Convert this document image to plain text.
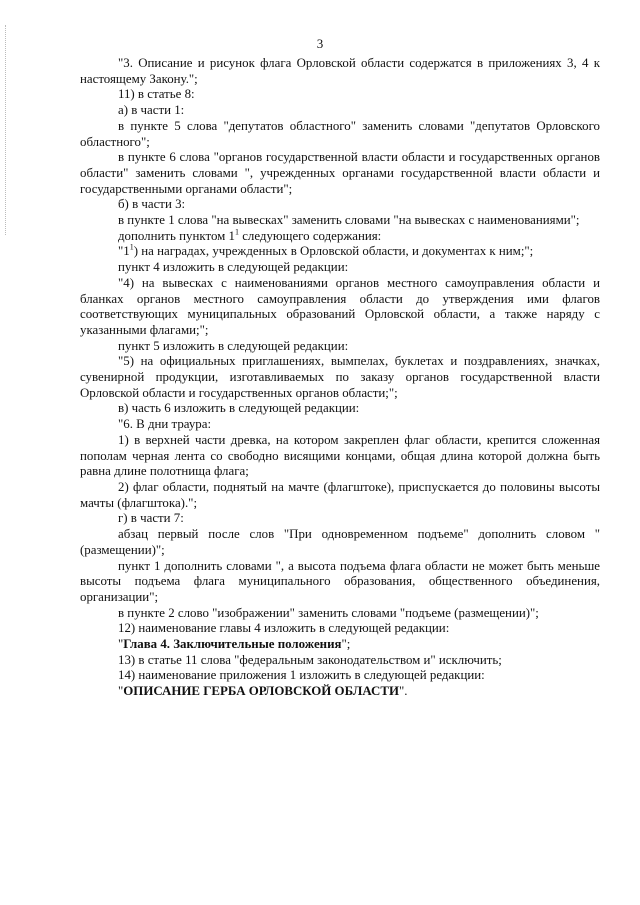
3

"3. Описание и рисунок флага Орловской области содержатся в приложениях 3, 4 к настоящему Закону.";

11) в статье 8:

а) в части 1:

в пункте 5 слова "депутатов областного" заменить словами "депутатов Орловского областного";

в пункте 6 слова "органов государственной власти области и государственных органов области" заменить словами ", учрежденных органами государственной власти области и государственными органами области";

б) в части 3:

в пункте 1 слова "на вывесках" заменить словами "на вывесках с наименованиями";

дополнить пунктом $1^1$ следующего содержания:

"$1^1$) на наградах, учрежденных в Орловской области, и документах к ним;";

пункт 4 изложить в следующей редакции:

"4) на вывесках с наименованиями органов местного самоуправления области и бланках органов местного самоуправления области до утверждения ими флагов соответствующих муниципальных образований Орловской области, а также наряду с указанными флагами;";

пункт 5 изложить в следующей редакции:

"5) на официальных приглашениях, вымпелах, буклетах и поздравлениях, значках, сувенирной продукции, изготавливаемых по заказу органов государственной власти Орловской области и государственных органов области;";

в) часть 6 изложить в следующей редакции:

"6. В дни траура:

1) в верхней части древка, на котором закреплен флаг области, крепится сложенная пополам черная лента со свободно висящими концами, общая длина которой должна быть равна длине полотнища флага;

2) флаг области, поднятый на мачте (флагштоке), приспускается до половины высоты мачты (флагштока).";

г) в части 7:

абзац первый после слов "При одновременном подъеме" дополнить словом "(размещении)";

пункт 1 дополнить словами ", а высота подъема флага области не может быть меньше высоты подъема флага муниципального образования, общественного объединения, организации";

в пункте 2 слово "изображении" заменить словами "подъеме (размещении)";

12) наименование главы 4 изложить в следующей редакции:

"Глава 4. Заключительные положения";

13) в статье 11 слова "федеральным законодательством и" исключить;

14) наименование приложения 1 изложить в следующей редакции:

"ОПИСАНИЕ ГЕРБА ОРЛОВСКОЙ ОБЛАСТИ".
